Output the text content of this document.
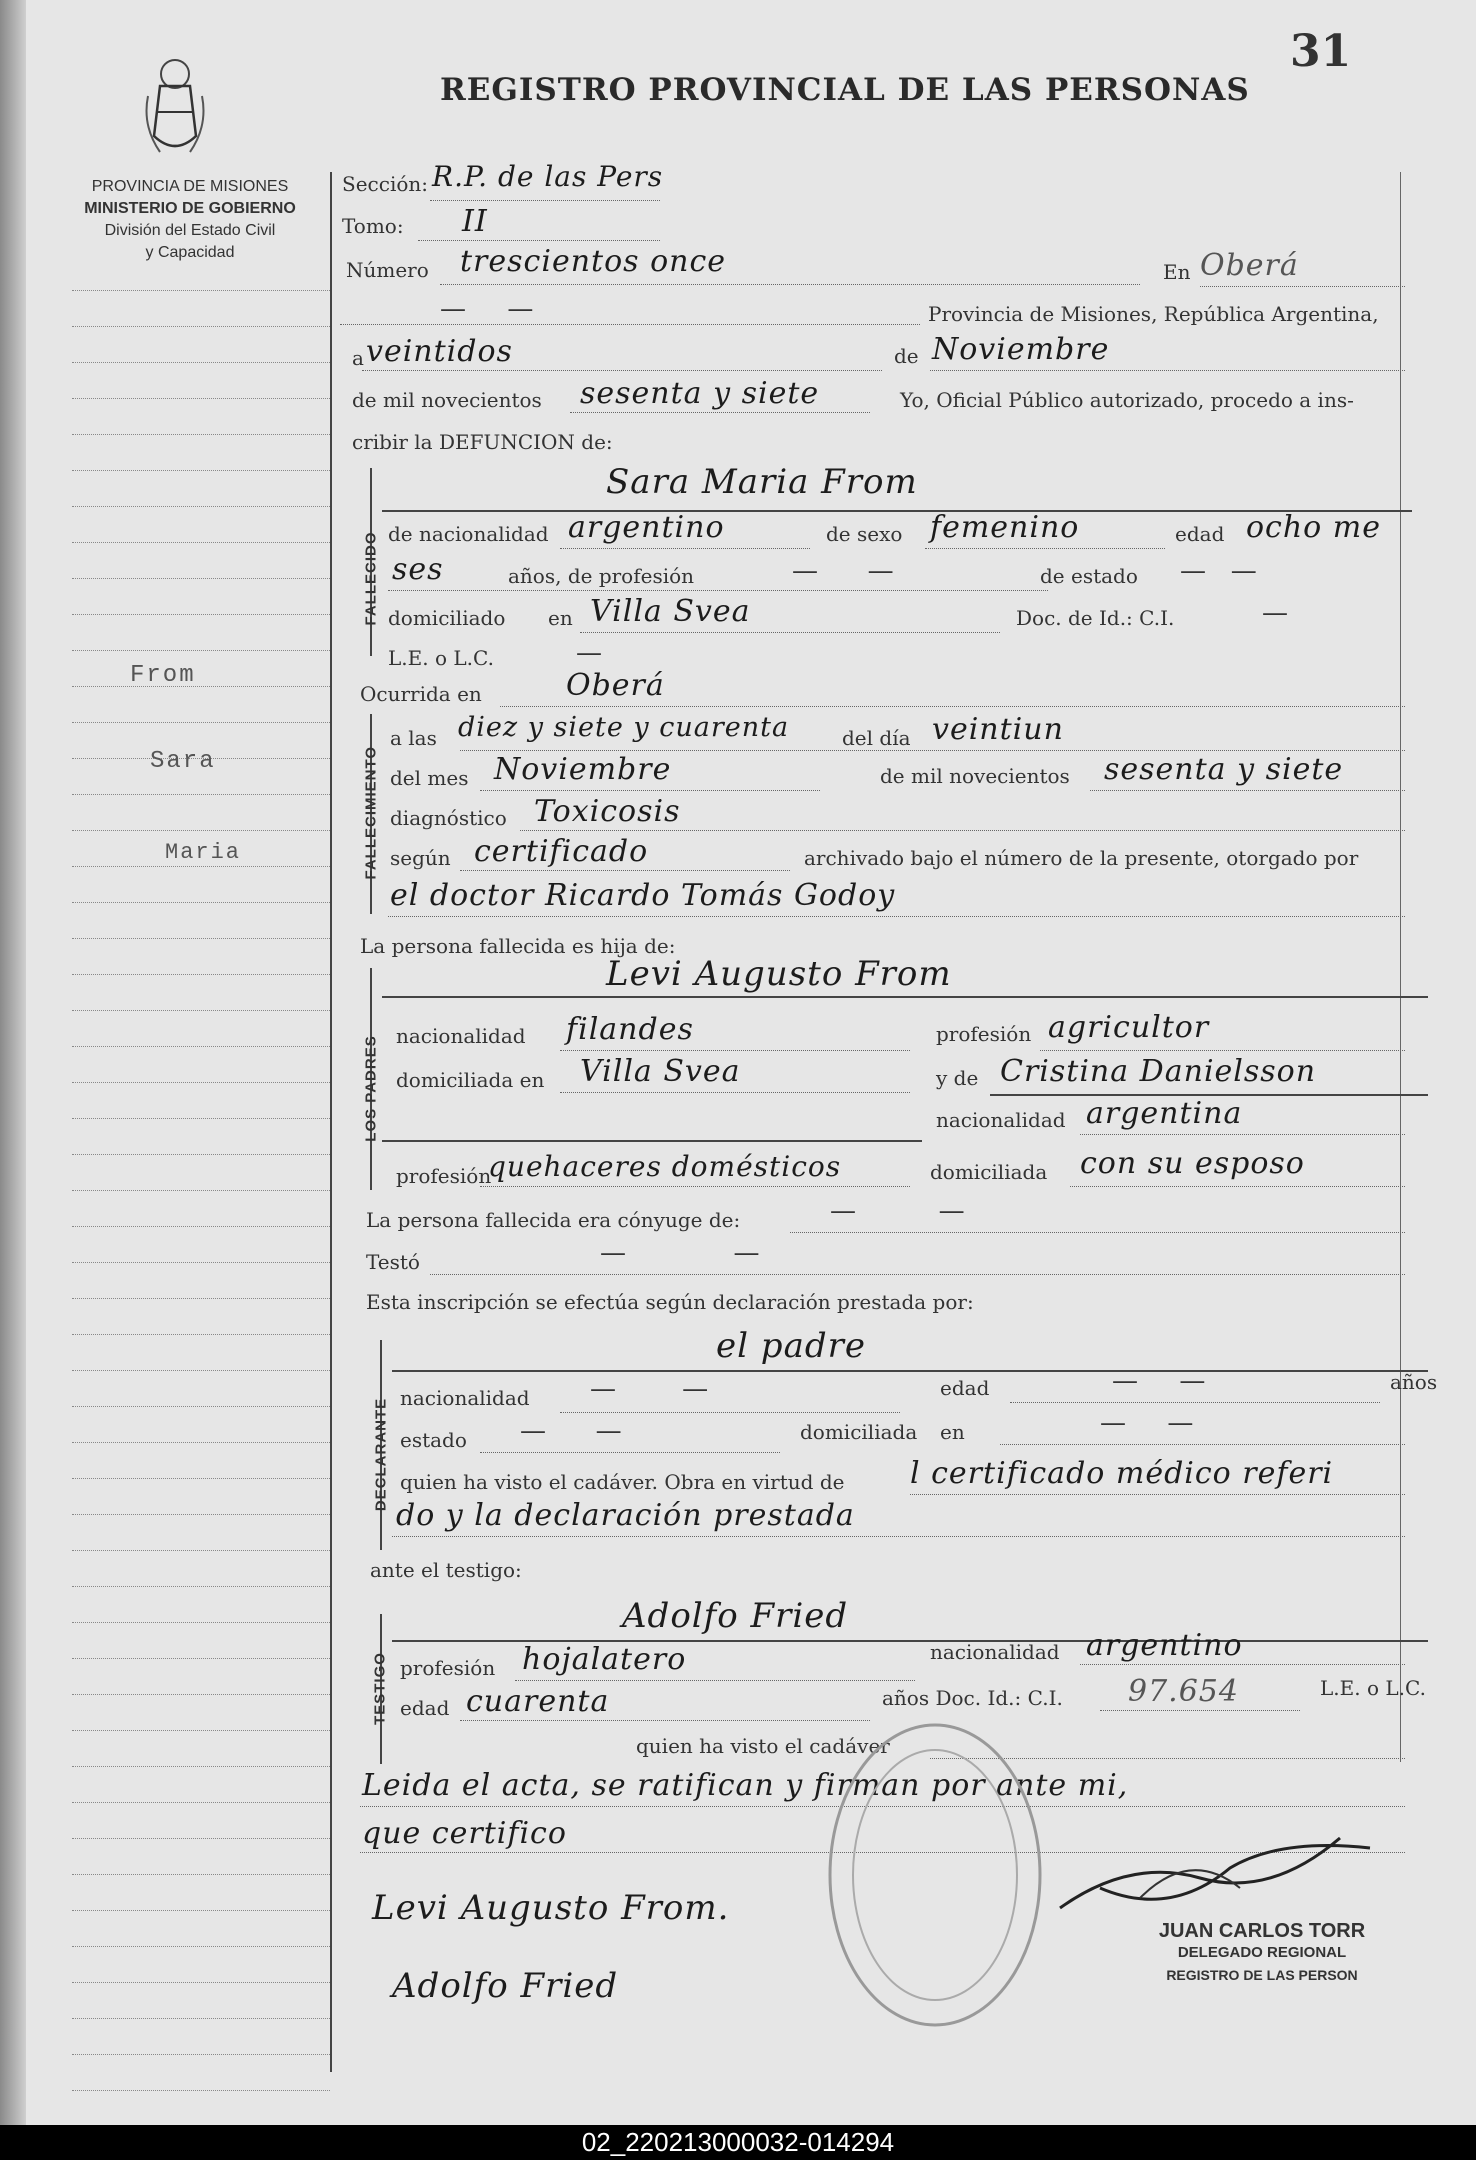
31
REGISTRO PROVINCIAL DE LAS PERSONAS
PROVINCIA DE MISIONES
MINISTERIO DE GOBIERNO
División del Estado Civil
y Capacidad
From
Sara
Maria
Sección: R.P. de las Pers
Tomo: II
Número trescientos once	En Oberá
—     —	Provincia de Misiones, República Argentina,
a veintidos	de Noviembre
de mil novecientos sesenta y siete	Yo, Oficial Público autorizado, procedo a ins-
cribir la DEFUNCION de:
FALLECIDO
Sara Maria From
de nacionalidad argentino	de sexo femenino	edad ocho me
ses	años, de profesión	—      —	de estado —   —
domiciliado en Villa Svea	Doc. de Id.: C.I.	—
L.E. o L.C.	—
Ocurrida en	Oberá
FALLECIMIENTO
a las diez y siete y cuarenta	del día veintiun
del mes Noviembre	de mil novecientos sesenta y siete
diagnóstico Toxicosis
según certificado	archivado bajo el número de la presente, otorgado por
el doctor Ricardo Tomás Godoy
La persona fallecida es hija de:
LOS PADRES
Levi Augusto From
nacionalidad filandes	profesión agricultor
domiciliada en Villa Svea	y de Cristina Danielsson
nacionalidad argentina
profesión
quehaceres domésticos	domiciliada con su esposo
La persona fallecida era cónyuge de:	—          —
Testó	—             —
Esta inscripción se efectúa según declaración prestada por:
DECLARANTE
el padre
nacionalidad —        —	edad	—     —	años
estado —      —	domiciliada en	—     —
quien ha visto el cadáver. Obra en virtud de l certificado médico referi
do y la declaración prestada
ante el testigo:
TESTIGO
Adolfo Fried
profesión hojalatero	nacionalidad argentino
edad cuarenta	años Doc. Id.: C.I. 97.654	L.E. o L.C.
quien ha visto el cadáver
Leida el acta, se ratifican y firman por ante mi,
que certifico
Levi Augusto From.
Adolfo Fried
JUAN CARLOS TORR
DELEGADO REGIONAL
REGISTRO DE LAS PERSON
02_220213000032-014294
